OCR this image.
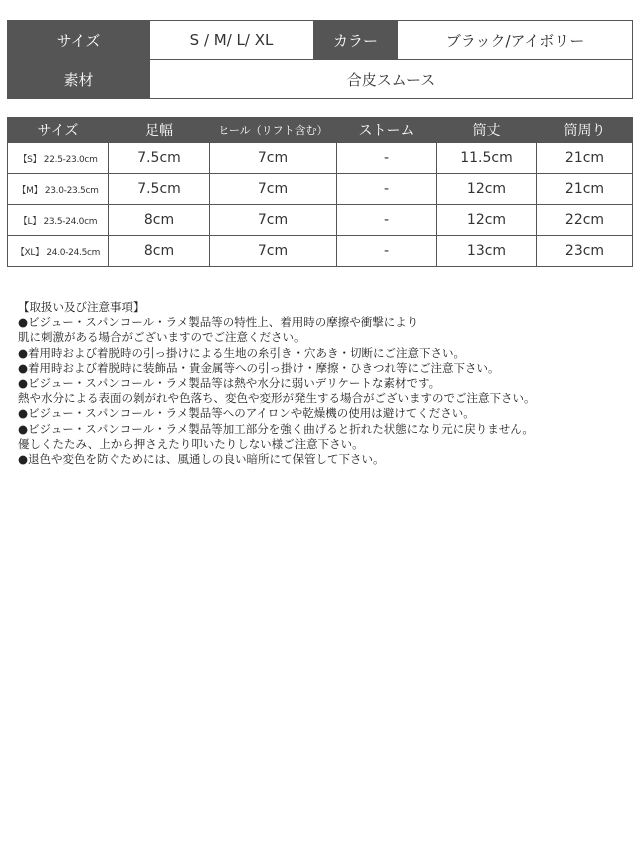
サイズ	S / M/ L/ XL	カラー	ブラック/アイボリー
素材	合皮スムース		
サイズ	足幅	ヒール（リフト含む）	ストーム	筒丈	筒周り
【S】 22.5-23.0cm	7.5cm	7cm	-	11.5cm	21cm
【M】 23.0-23.5cm	7.5cm	7cm	-	12cm	21cm
【L】 23.5-24.0cm	8cm	7cm	-	12cm	22cm
【XL】 24.0-24.5cm	8cm	7cm	-	13cm	23cm
【取扱い及び注意事項】
●ビジュー・スパンコール・ラメ製品等の特性上、着用時の摩擦や衝撃により
肌に刺激がある場合がございますのでご注意ください。
●着用時および着脱時の引っ掛けによる生地の糸引き・穴あき・切断にご注意下さい。
●着用時および着脱時に装飾品・貴金属等への引っ掛け・摩擦・ひきつれ等にご注意下さい。
●ビジュー・スパンコール・ラメ製品等は熱や水分に弱いデリケートな素材です。
熱や水分による表面の剝がれや色落ち、変色や変形が発生する場合がございますのでご注意下さい。
●ビジュー・スパンコール・ラメ製品等へのアイロンや乾燥機の使用は避けてください。
●ビジュー・スパンコール・ラメ製品等加工部分を強く曲げると折れた状態になり元に戻りません。
優しくたたみ、上から押さえたり叩いたりしない様ご注意下さい。
●退色や変色を防ぐためには、風通しの良い暗所にて保管して下さい。
